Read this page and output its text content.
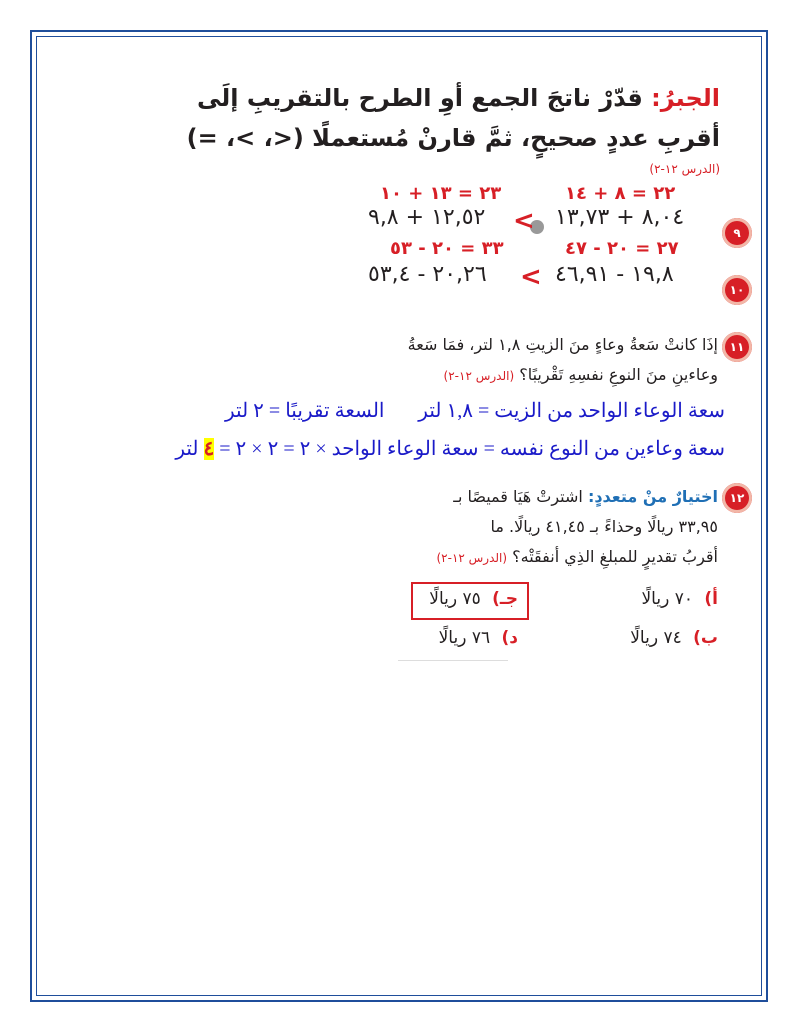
الجبرُ: قدّرْ ناتجَ الجمع أوِ الطرح بالتقريبِ إلَى
أقربِ عددٍ صحيحٍ، ثمَّ قارنْ مُستعملًا (<، >، =)
(الدرس ١٢-٢)
٩
٢٢ = ٨ + ١٤
٢٣ = ١٣ + ١٠
٨,٠٤ + ١٣,٧٣
<
١٢,٥٢ + ٩,٨
١٠
٢٧ = ٢٠ - ٤٧
٣٣ = ٢٠ - ٥٣
١٩,٨ - ٤٦,٩١
<
٢٠,٢٦ - ٥٣,٤
١١
إذَا كانتْ سَعةُ وعاءٍ منَ الزيتِ ١,٨ لتر، فمَا سَعةُ
وعاءينِ منَ النوعِ نفسِهِ تَقْريبًا؟ (الدرس ١٢-٢)
سعة الوعاء الواحد من الزيت = ١,٨ لتر
السعة تقريبًا = ٢ لتر
سعة وعاءين من النوع نفسه = سعة الوعاء الواحد × ٢ = ٢ × ٢ = ٤ لتر
١٢
اختيارٌ منْ متعددٍ: اشترتْ هَيَا قميصًا بـ
٣٣,٩٥ ريالًا وحذاءً بـ ٤١,٤٥ ريالًا. ما
أقربُ تقديرٍ للمبلغِ الذِي أنفقَتْه؟ (الدرس ١٢-٢)
أ) ٧٠ ريالًا
جـ) ٧٥ ريالًا
ب) ٧٤ ريالًا
د) ٧٦ ريالًا
